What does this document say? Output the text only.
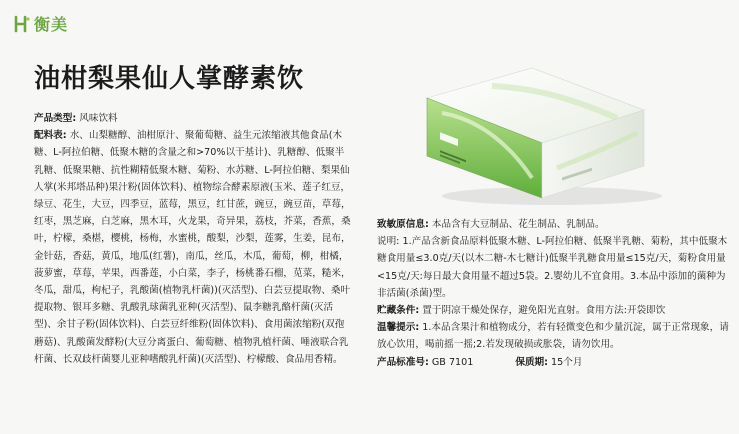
衡美
油柑梨果仙人掌酵素饮

产品类型: 风味饮料

配料表: 水、山梨糖醇、油柑原汁、聚葡萄糖、益生元浓缩液其他食品(木糖、L-阿拉伯糖、低聚木糖的含量之和>70%以干基计)、乳糖醇、低聚半乳糖、低聚果糖、抗性糊精低聚木糖、菊粉、水苏糖、L-阿拉伯糖、梨果仙人掌(米邦塔品种)果汁粉(固体饮料)、植物综合酵素原液(玉米、莲子红豆，绿豆、花生，大豆，四季豆，蓝莓，黑豆，红甘蔗，豌豆，豌豆苗，草莓，红枣，黑芝麻，白芝麻，黑木耳，火龙果，奇异果，荔枝，芥菜，香蕉，桑叶，柠檬，桑椹，樱桃，杨梅，水蜜桃，酸梨，沙梨，莲雾，生姜，昆布，金针菇，香菇，黄瓜，地瓜(红薯)，南瓜，丝瓜，木瓜，葡萄，柳，柑橘，菠萝蜜，草莓，苹果，西番莲，小白菜，李子，杨桃番石榴，苋菜，糙米，冬瓜，甜瓜，枸杞子，乳酸菌(植物乳杆菌))(灭活型)、白芸豆提取物、桑叶提取物、银耳多糖、乳酸乳球菌乳亚种(灭活型)、鼠李糖乳酪杆菌(灭活型)、余甘子粉(固体饮料)、白芸豆纤维粉(固体饮料)、食用菌浓缩粉(双孢蘑菇)、乳酸菌发酵粉(大豆分离蛋白、葡萄糖、植物乳植杆菌、唾液联合乳杆菌、长双歧杆菌婴儿亚种嗜酸乳杆菌)(灭活型)、柠檬酸、食品用香精。

致敏原信息: 本品含有大豆制品、花生制品、乳制品。

说明: 1.产品含新食品原料低聚木糖、L-阿拉伯糖、低聚半乳糖、菊粉，其中低聚木糖食用量≤3.0克/天(以木二糖-木七糖计)低聚半乳糖食用量≤15克/天，菊粉食用量<15克/天:每日最大食用量不超过5袋。2.婴幼儿不宜食用。3.本品中添加的菌种为非活菌(杀菌)型。

贮藏条件: 置于阴凉干燥处保存，避免阳光直射。食用方法:开袋即饮

温馨提示: 1.本品含果汁和植物成分，若有轻微变色和少量沉淀，属于正常现象，请放心饮用，喝前摇一摇;2.若发现破损或胀袋，请勿饮用。

产品标准号: GB 7101	保质期: 15个月
